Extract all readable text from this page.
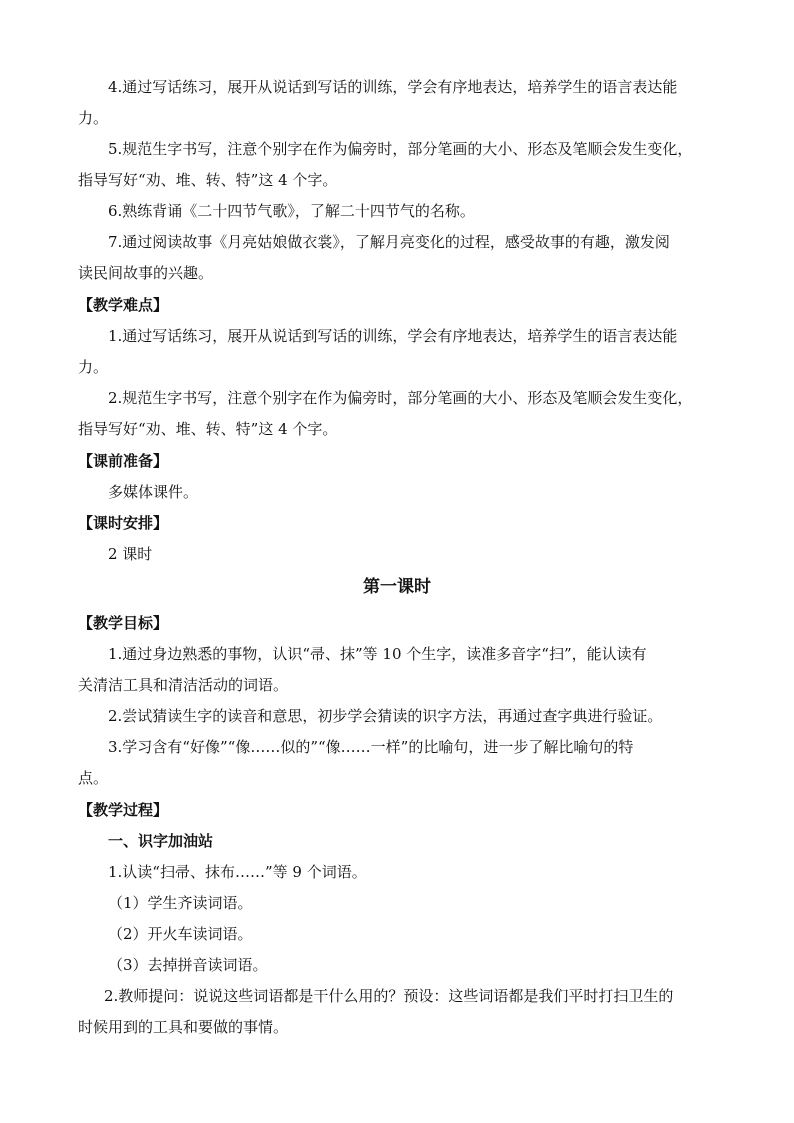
4.通过写话练习，展开从说话到写话的训练，学会有序地表达，培养学生的语言表达能
力。
5.规范生字书写，注意个别字在作为偏旁时，部分笔画的大小、形态及笔顺会发生变化，
指导写好“劝、堆、转、特”这 4 个字。
6.熟练背诵《二十四节气歌》，了解二十四节气的名称。
7.通过阅读故事《月亮姑娘做衣裳》，了解月亮变化的过程，感受故事的有趣，激发阅
读民间故事的兴趣。
【教学难点】
1.通过写话练习，展开从说话到写话的训练，学会有序地表达，培养学生的语言表达能
力。
2.规范生字书写，注意个别字在作为偏旁时，部分笔画的大小、形态及笔顺会发生变化，
指导写好“劝、堆、转、特”这 4 个字。
【课前准备】
多媒体课件。
【课时安排】
2 课时
第一课时
【教学目标】
1.通过身边熟悉的事物，认识“帚、抹”等 10 个生字，读准多音字“扫”，能认读有
关清洁工具和清洁活动的词语。
2.尝试猜读生字的读音和意思，初步学会猜读的识字方法，再通过查字典进行验证。
3.学习含有“好像”“像……似的”“像……一样”的比喻句，进一步了解比喻句的特
点。
【教学过程】
一、识字加油站
1.认读“扫帚、抹布……”等 9 个词语。
（1）学生齐读词语。
（2）开火车读词语。
（3）去掉拼音读词语。
2.教师提问：说说这些词语都是干什么用的？预设：这些词语都是我们平时打扫卫生的
时候用到的工具和要做的事情。
